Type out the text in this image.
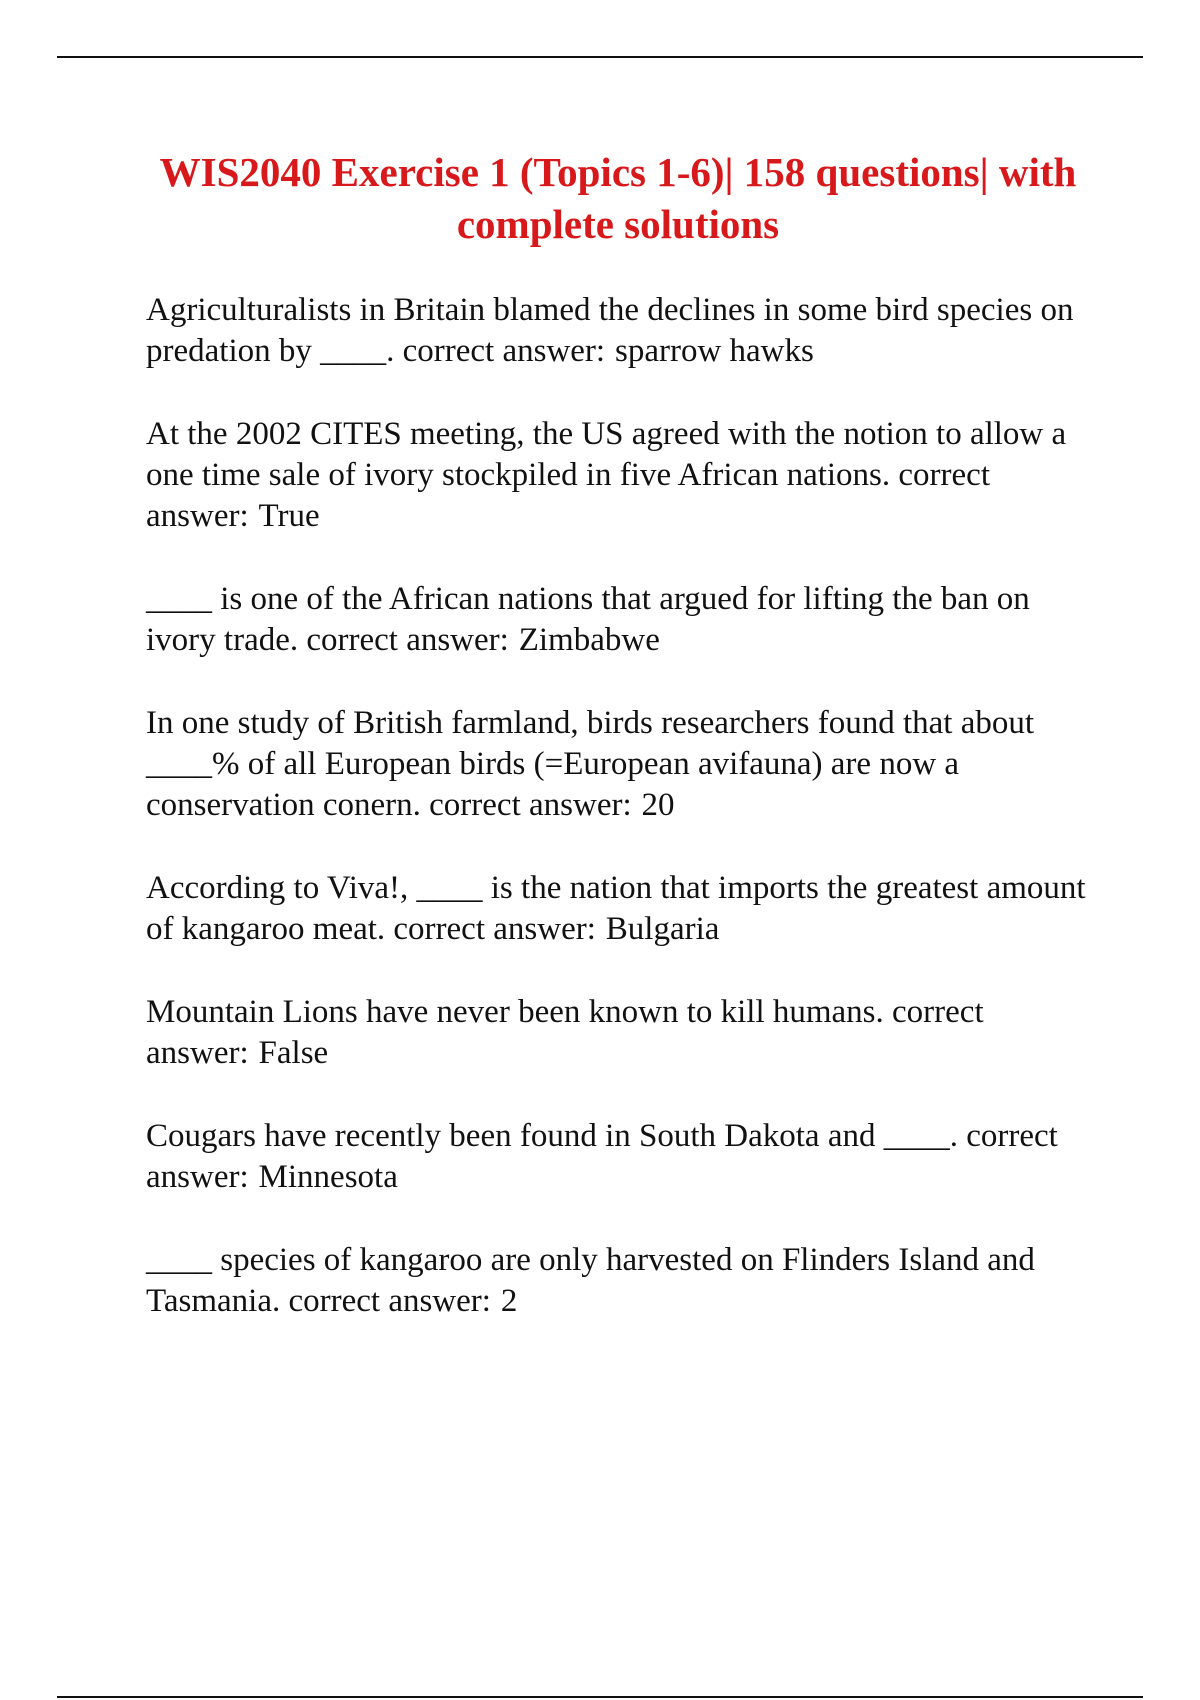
WIS2040 Exercise 1 (Topics 1-6)| 158 questions| with complete solutions

Agriculturalists in Britain blamed the declines in some bird species on predation by ____. correct answer: sparrow hawks

At the 2002 CITES meeting, the US agreed with the notion to allow a one time sale of ivory stockpiled in five African nations. correct answer: True

____ is one of the African nations that argued for lifting the ban on ivory trade. correct answer: Zimbabwe

In one study of British farmland, birds researchers found that about ____% of all European birds (=European avifauna) are now a conservation conern. correct answer: 20

According to Viva!, ____ is the nation that imports the greatest amount of kangaroo meat. correct answer: Bulgaria

Mountain Lions have never been known to kill humans. correct answer: False

Cougars have recently been found in South Dakota and ____. correct answer: Minnesota

____ species of kangaroo are only harvested on Flinders Island and Tasmania. correct answer: 2
